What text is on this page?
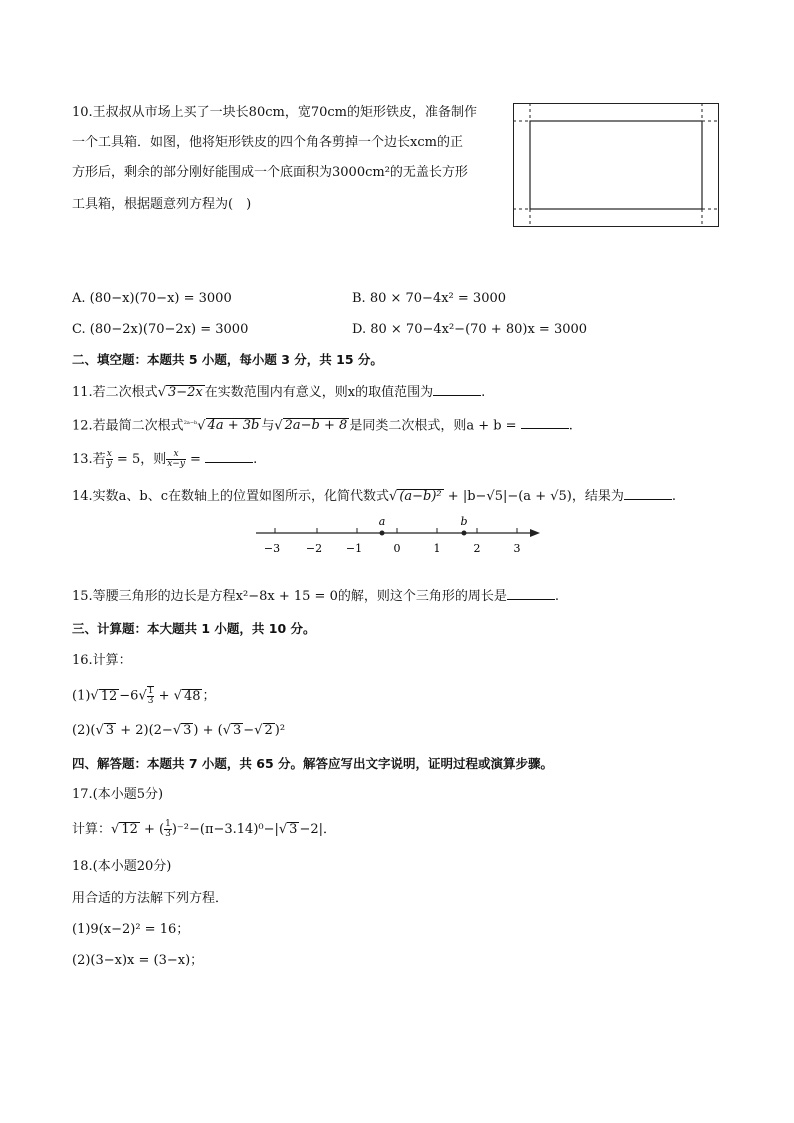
10.王叔叔从市场上买了一块长80cm，宽70cm的矩形铁皮，准备制作
一个工具箱．如图，他将矩形铁皮的四个角各剪掉一个边长xcm的正
方形后，剩余的部分刚好能围成一个底面积为3000cm²的无盖长方形
工具箱，根据题意列方程为(　)
A. (80−x)(70−x) = 3000	B. 80 × 70−4x² = 3000
C. (80−2x)(70−2x) = 3000	D. 80 × 70−4x²−(70 + 80)x = 3000
二、填空题：本题共 5 小题，每小题 3 分，共 15 分。
11.若二次根式√ 3−2x 在实数范围内有意义，则x的取值范围为	.
12.若最简二次根式$^{2a-b}$√ 4a + 3b 与√ 2a−b + 8 是同类二次根式，则a + b =	.
13.若 $\frac{x}{y} = 5$，则 $\frac{x}{x-y}$ =	.
14.实数a、b、c在数轴上的位置如图所示，化简代数式√ (a−b)² + |b−√5|−(a + √5)，结果为	.
a	b
−3 −2 −1	0	1	2	3
15.等腰三角形的边长是方程x²−8x + 15 = 0的解，则这个三角形的周长是	.
三、计算题：本大题共 1 小题，共 10 分。
16.计算：
(1)√ $12 -6√ \frac{1}{3}$ + √ 48 ；
(2)(√ 3 + 2)(2−√ 3 ) + (√ 3 −√ 2 )²
四、解答题：本题共 7 小题，共 65 分。解答应写出文字说明，证明过程或演算步骤。
17.(本小题5分)
计算：√ 12 + ( $\frac{1}{3} )^{-2}-(\pi-3.14)^0-|√$ 3 −2|．
18.(本小题20分)
用合适的方法解下列方程．
(1)9(x−2)² = 16；
(2)(3−x)x = (3−x)；
